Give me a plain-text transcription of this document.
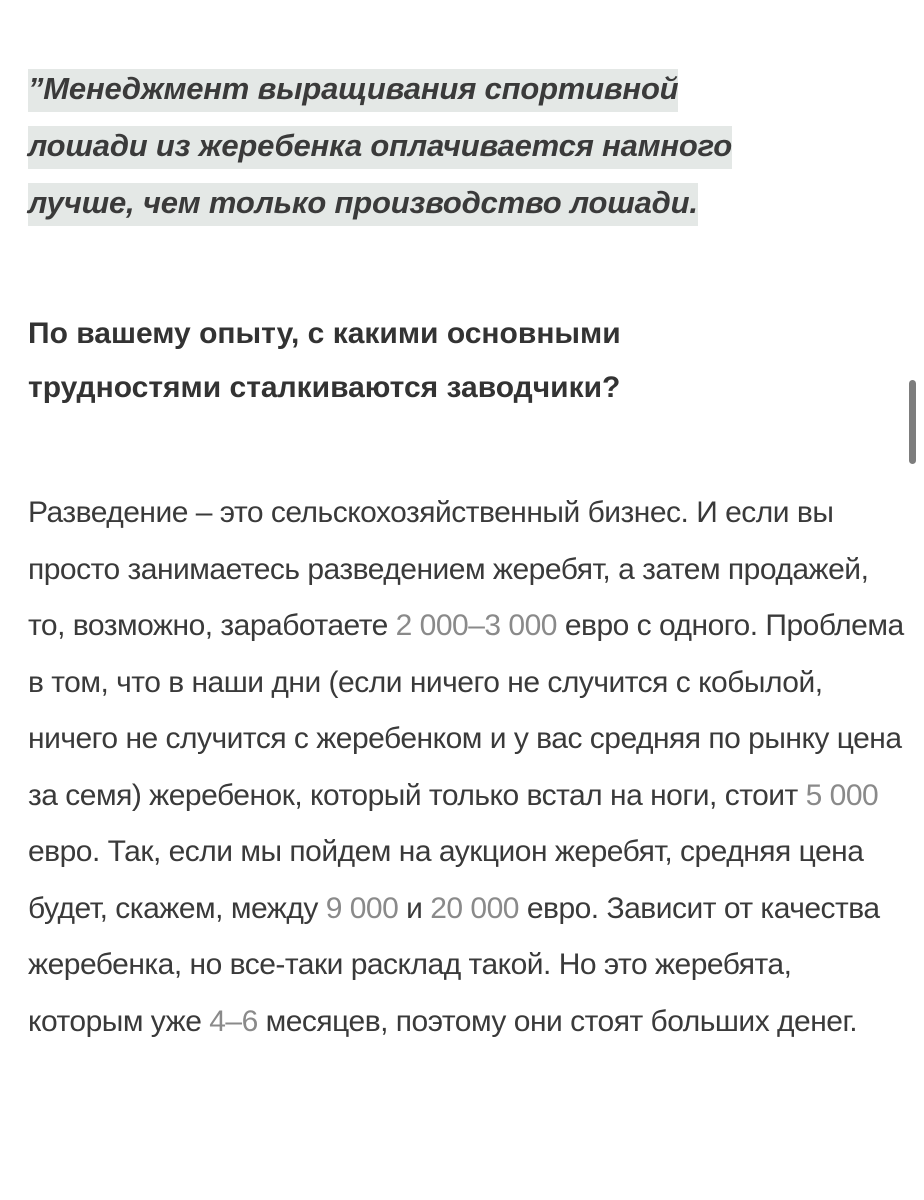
”Менеджмент выращивания спортивной
лошади из жеребенка оплачивается намного
лучше, чем только производство лошади.

По вашему опыту, с какими основными трудностями сталкиваются заводчики?

Разведение – это сельскохозяйственный бизнес. И если вы просто занимаетесь разведением жеребят, а затем продажей, то, возможно, заработаете 2 000–3 000 евро с одного. Проблема в том, что в наши дни (если ничего не случится с кобылой, ничего не случится с жеребенком и у вас средняя по рынку цена за семя) жеребенок, который только встал на ноги, стоит 5 000 евро. Так, если мы пойдем на аукцион жеребят, средняя цена будет, скажем, между 9 000 и 20 000 евро. Зависит от качества жеребенка, но все-таки расклад такой. Но это жеребята, которым уже 4–6 месяцев, поэтому они стоят больших денег.
